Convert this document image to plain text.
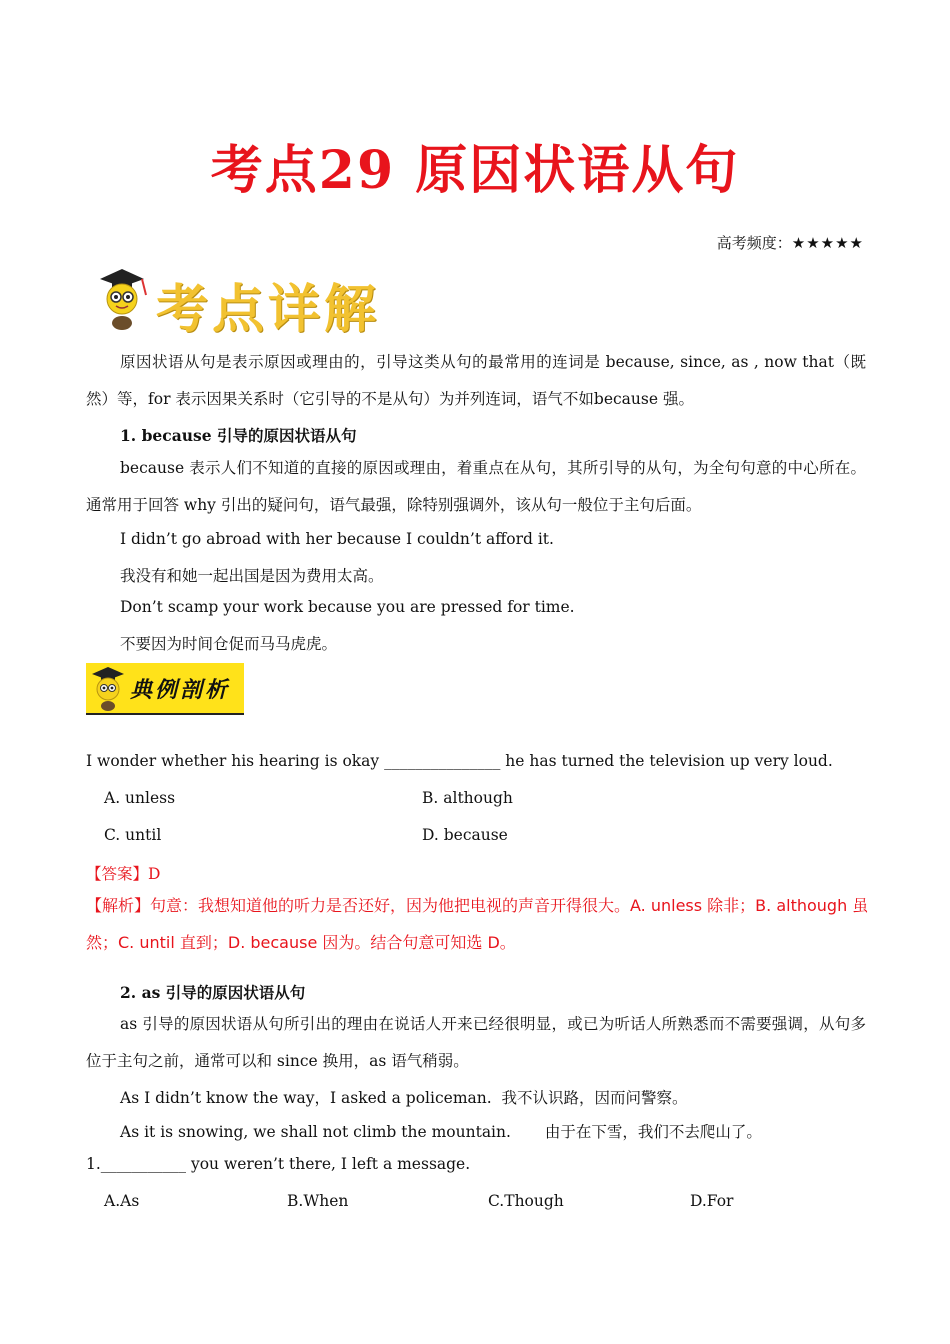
考点29 原因状语从句
高考频度：★★★★★
考点详解
原因状语从句是表示原因或理由的，引导这类从句的最常用的连词是 because, since, as , now that（既然）等，for 表示因果关系时（它引导的不是从句）为并列连词，语气不如because 强。
1. because 引导的原因状语从句
because 表示人们不知道的直接的原因或理由，着重点在从句，其所引导的从句，为全句句意的中心所在。通常用于回答 why 引出的疑问句，语气最强，除特别强调外，该从句一般位于主句后面。
I didn’t go abroad with her because I couldn’t afford it.
我没有和她一起出国是因为费用太高。
Don’t scamp your work because you are pressed for time.
不要因为时间仓促而马马虎虎。
典例剖析
I wonder whether his hearing is okay _______________ he has turned the television up very loud.
A. unless	B. although
C. until	D. because
【答案】D
【解析】句意：我想知道他的听力是否还好，因为他把电视的声音开得很大。A. unless 除非；B. although 虽然；C. until 直到；D. because 因为。结合句意可知选 D。
2. as 引导的原因状语从句
as 引导的原因状语从句所引出的理由在说话人开来已经很明显，或已为听话人所熟悉而不需要强调，从句多位于主句之前，通常可以和 since 换用，as 语气稍弱。
As I didn’t know the way，I asked a policeman. 我不认识路，因而问警察。
As it is snowing, we shall not climb the mountain. 由于在下雪，我们不去爬山了。
1.___________ you weren’t there, I left a message.
A.As	B.When	C.Though	D.For
